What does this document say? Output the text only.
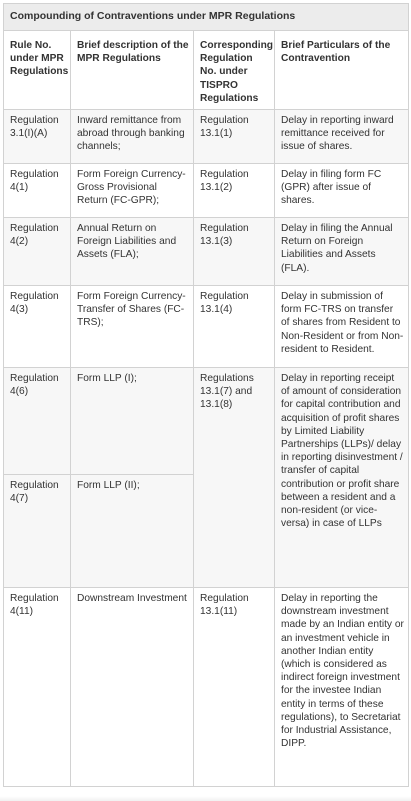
Compounding of Contraventions under MPR Regulations			
Rule No. under MPR Regulations	Brief description of the MPR Regulations	Corresponding Regulation No. under TISPRO Regulations	Brief Particulars of the Contravention
Regulation 3.1(I)(A)	Inward remittance from abroad through banking channels;	Regulation 13.1(1)	Delay in reporting inward remittance received for issue of shares.
Regulation 4(1)	Form Foreign Currency-Gross Provisional Return (FC-GPR);	Regulation 13.1(2)	Delay in filing form FC (GPR) after issue of shares.
Regulation 4(2)	Annual Return on Foreign Liabilities and Assets (FLA);	Regulation 13.1(3)	Delay in filing the Annual Return on Foreign Liabilities and Assets (FLA).
Regulation 4(3)	Form Foreign Currency-Transfer of Shares (FC-TRS);	Regulation 13.1(4)	Delay in submission of form FC-TRS on transfer of shares from Resident to Non-Resident or from Non-resident to Resident.
Regulation 4(6)	Form LLP (I);	Regulations 13.1(7) and 13.1(8)	Delay in reporting receipt of amount of consideration for capital contribution and acquisition of profit shares by Limited Liability Partnerships (LLPs)/ delay in reporting disinvestment / transfer of capital contribution or profit share between a resident and a non-resident (or vice-versa) in case of LLPs
Regulation 4(7)	Form LLP (II);		
Regulation 4(11)	Downstream Investment	Regulation 13.1(11)	Delay in reporting the downstream investment made by an Indian entity or an investment vehicle in another Indian entity (which is considered as indirect foreign investment for the investee Indian entity in terms of these regulations), to Secretariat for Industrial Assistance, DIPP.
